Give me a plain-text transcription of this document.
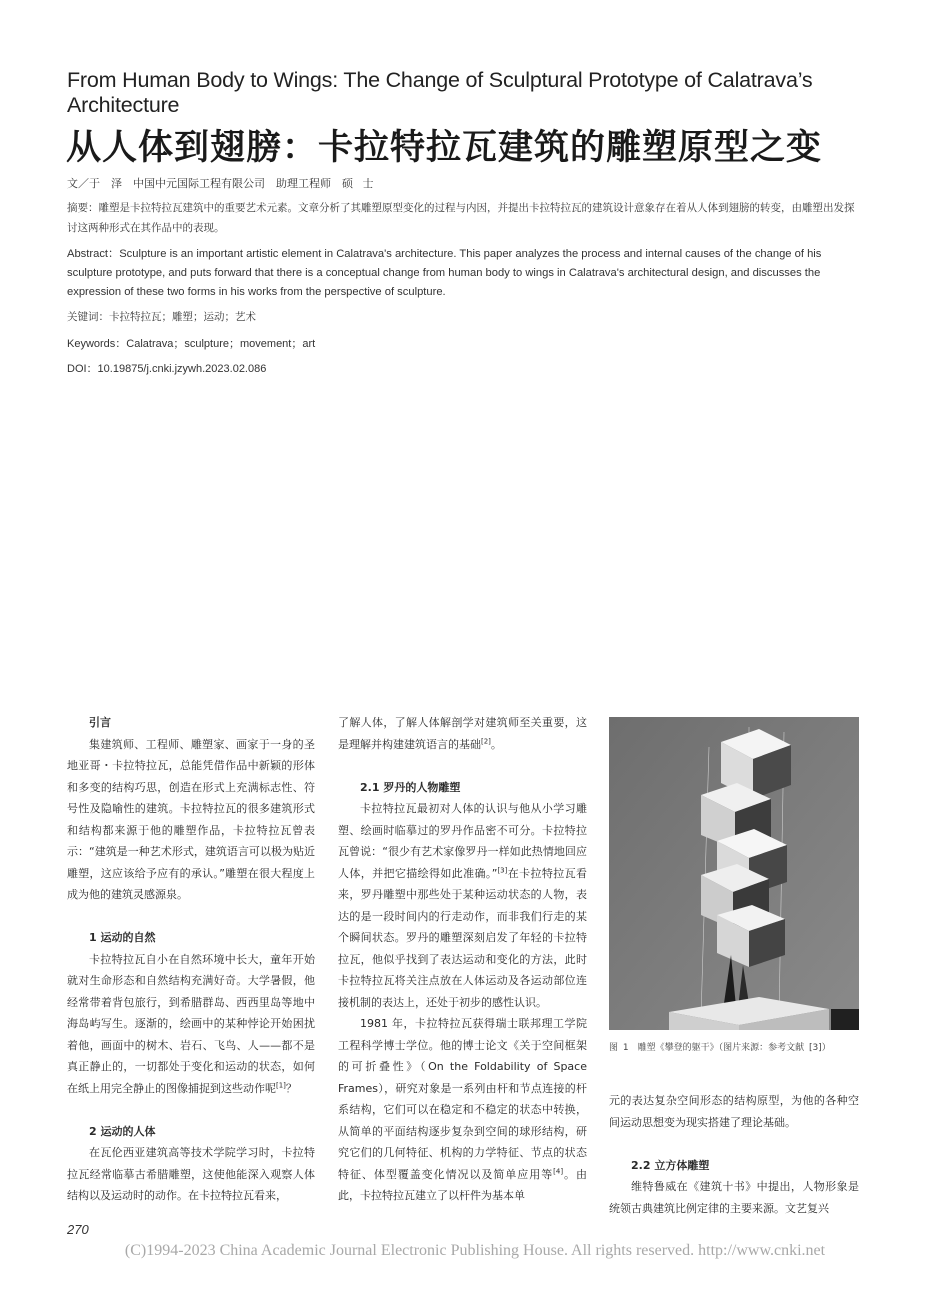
From Human Body to Wings: The Change of Sculptural Prototype of Calatrava’s Architecture
从人体到翅膀：卡拉特拉瓦建筑的雕塑原型之变
文／于　泽　中国中元国际工程有限公司　助理工程师　硕 士
摘要：雕塑是卡拉特拉瓦建筑中的重要艺术元素。文章分析了其雕塑原型变化的过程与内因，并提出卡拉特拉瓦的建筑设计意象存在着从人体到翅膀的转变，由雕塑出发探讨这两种形式在其作品中的表现。
Abstract：Sculpture is an important artistic element in Calatrava's architecture. This paper analyzes the process and internal causes of the change of his sculpture prototype, and puts forward that there is a conceptual change from human body to wings in Calatrava's architectural design, and discusses the expression of these two forms in his works from the perspective of sculpture.
关键词：卡拉特拉瓦；雕塑；运动；艺术
Keywords：Calatrava；sculpture；movement；art
DOI：10.19875/j.cnki.jzywh.2023.02.086
引言

集建筑师、工程师、雕塑家、画家于一身的圣地亚哥・卡拉特拉瓦，总能凭借作品中新颖的形体和多变的结构巧思，创造在形式上充满标志性、符号性及隐喻性的建筑。卡拉特拉瓦的很多建筑形式和结构都来源于他的雕塑作品，卡拉特拉瓦曾表示：“建筑是一种艺术形式，建筑语言可以极为贴近雕塑，这应该给予应有的承认。”雕塑在很大程度上成为他的建筑灵感源泉。

1 运动的自然

卡拉特拉瓦自小在自然环境中长大，童年开始就对生命形态和自然结构充满好奇。大学暑假，他经常带着背包旅行，到希腊群岛、西西里岛等地中海岛屿写生。逐渐的，绘画中的某种悖论开始困扰着他，画面中的树木、岩石、飞鸟、人——都不是真正静止的，一切都处于变化和运动的状态，如何在纸上用完全静止的图像捕捉到这些动作呢[1]？

2 运动的人体

在瓦伦西亚建筑高等技术学院学习时，卡拉特拉瓦经常临摹古希腊雕塑，这使他能深入观察人体结构以及运动时的动作。在卡拉特拉瓦看来，

了解人体，了解人体解剖学对建筑师至关重要，这是理解并构建建筑语言的基础[2]。

2.1 罗丹的人物雕塑

卡拉特拉瓦最初对人体的认识与他从小学习雕塑、绘画时临摹过的罗丹作品密不可分。卡拉特拉瓦曾说：“很少有艺术家像罗丹一样如此热情地回应人体，并把它描绘得如此准确。”[3]在卡拉特拉瓦看来，罗丹雕塑中那些处于某种运动状态的人物，表达的是一段时间内的行走动作，而非我们行走的某个瞬间状态。罗丹的雕塑深刻启发了年轻的卡拉特拉瓦，他似乎找到了表达运动和变化的方法，此时卡拉特拉瓦将关注点放在人体运动及各运动部位连接机制的表达上，还处于初步的感性认识。

1981 年，卡拉特拉瓦获得瑞士联邦理工学院工程科学博士学位。他的博士论文《关于空间框架的可折叠性》（On the Foldability of Space Frames），研究对象是一系列由杆和节点连接的杆系结构，它们可以在稳定和不稳定的状态中转换，从简单的平面结构逐步复杂到空间的球形结构，研究它们的几何特征、机构的力学特征、节点的状态特征、体型覆盖变化情况以及简单应用等[4]。由此，卡拉特拉瓦建立了以杆件为基本单

图 1　雕塑《攀登的躯干》（图片来源：参考文献 [3]）

元的表达复杂空间形态的结构原型，为他的各种空间运动思想变为现实搭建了理论基础。

2.2 立方体雕塑

维特鲁威在《建筑十书》中提出，人物形象是统领古典建筑比例定律的主要来源。文艺复兴

270
(C)1994-2023 China Academic Journal Electronic Publishing House. All rights reserved. http://www.cnki.net
